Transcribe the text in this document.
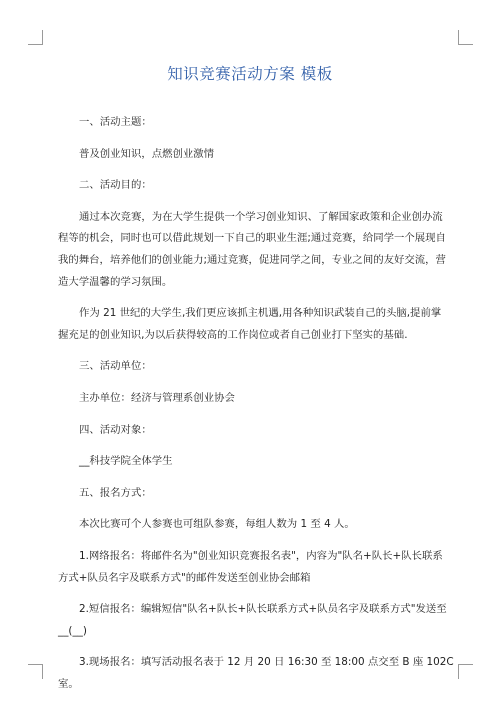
知识竞赛活动方案 模板

一、活动主题：

普及创业知识，点燃创业激情

二、活动目的：

通过本次竞赛，为在大学生提供一个学习创业知识、了解国家政策和企业创办流
程等的机会，同时也可以借此规划一下自己的职业生涯;通过竞赛，给同学一个展现自
我的舞台，培养他们的创业能力;通过竞赛，促进同学之间，专业之间的友好交流，营
造大学温馨的学习氛围。

作为 21 世纪的大学生,我们更应该抓主机遇,用各种知识武装自己的头脑,提前掌
握充足的创业知识,为以后获得较高的工作岗位或者自己创业打下坚实的基础.

三、活动单位：

主办单位：经济与管理系创业协会

四、活动对象：

__科技学院全体学生

五、报名方式：

本次比赛可个人参赛也可组队参赛，每组人数为 1 至 4 人。

1.网络报名：将邮件名为"创业知识竞赛报名表"，内容为"队名+队长+队长联系
方式+队员名字及联系方式"的邮件发送至创业协会邮箱

2.短信报名：编辑短信"队名+队长+队长联系方式+队员名字及联系方式"发送至
__(__)

3.现场报名：填写活动报名表于 12 月 20 日 16:30 至 18:00 点交至 B 座 102C
室。
